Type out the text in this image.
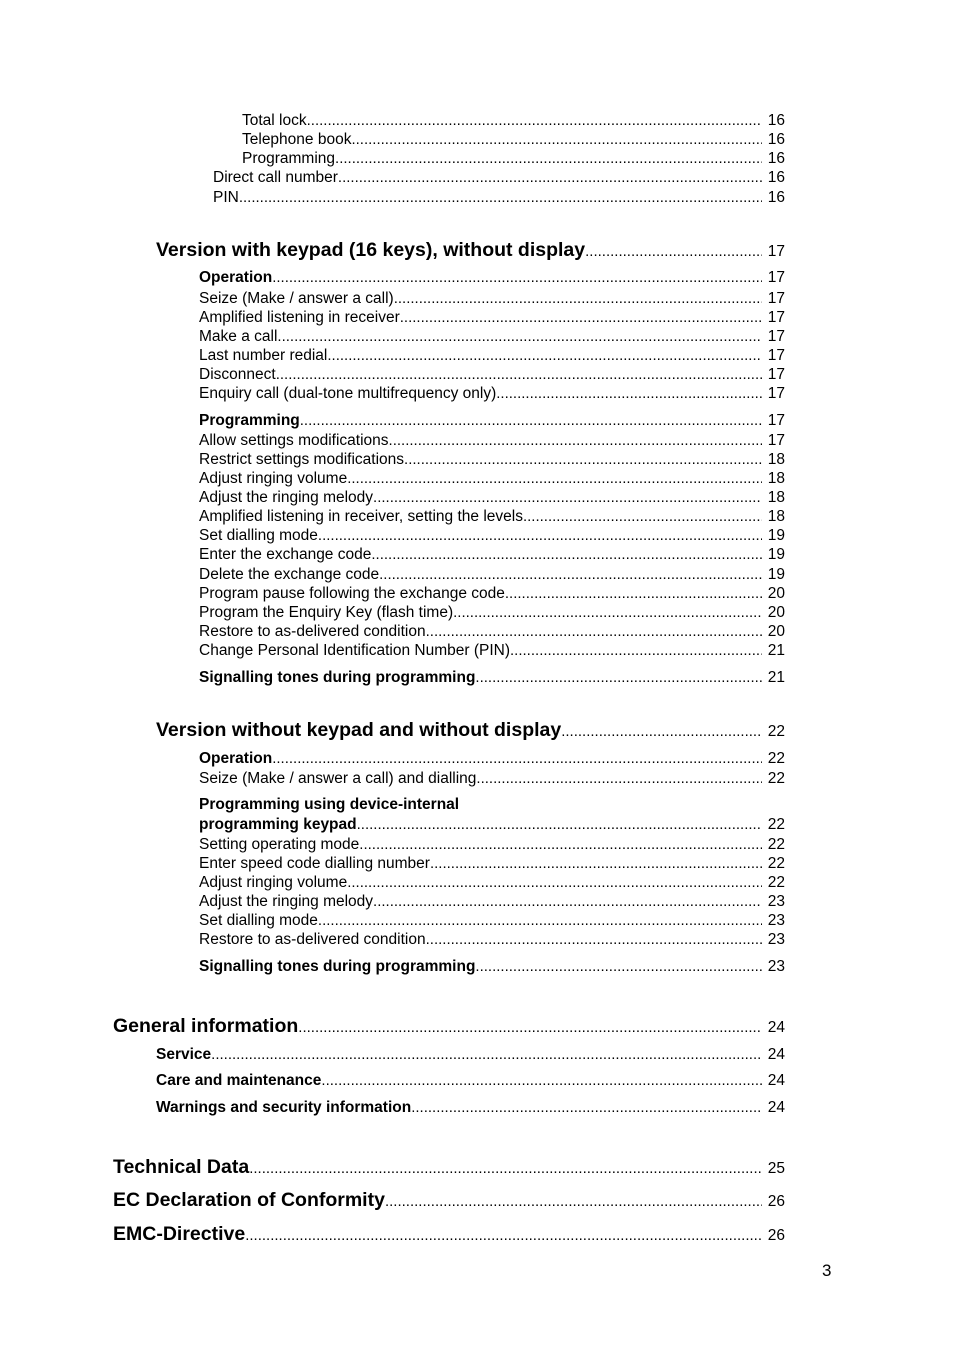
Total lock .....	16
Telephone book .....	16
Programming .....	16
Direct call number .....	16
PIN .....	16
Version with keypad (16 keys), without display .....	17
Operation .....	17
Seize (Make / answer a call) .....	17
Amplified listening in receiver .....	17
Make a call .....	17
Last number redial .....	17
Disconnect .....	17
Enquiry call (dual-tone multifrequency only) .....	17
Programming .....	17
Allow settings modifications .....	17
Restrict settings modifications .....	18
Adjust ringing volume .....	18
Adjust the ringing melody .....	18
Amplified listening in receiver, setting the levels .....	18
Set dialling mode .....	19
Enter the exchange code .....	19
Delete the exchange code .....	19
Program pause following the exchange code .....	20
Program the Enquiry Key (flash time) .....	20
Restore to as-delivered condition .....	20
Change Personal Identification Number (PIN) .....	21
Signalling tones during programming .....	21
Version without keypad and without display .....	22
Operation .....	22
Seize (Make / answer a call) and dialling .....	22
Programming using device-internal
programming keypad .....	22
Setting operating mode .....	22
Enter speed code dialling number .....	22
Adjust ringing volume .....	22
Adjust the ringing melody .....	23
Set dialling mode .....	23
Restore to as-delivered condition .....	23
Signalling tones during programming .....	23
General information .....	24
Service .....	24
Care and maintenance .....	24
Warnings and security information .....	24
Technical Data .....	25
EC Declaration of Conformity .....	26
EMC-Directive .....	26
3
